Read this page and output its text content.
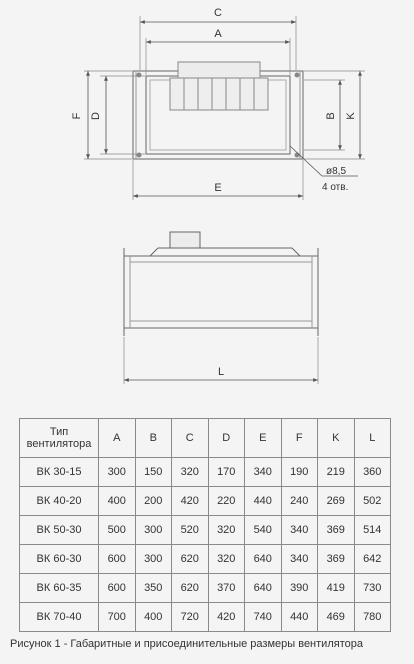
C
A
F D	B K
E
ø8,5
4 отв.
L
Тип
вентилятора	A	B	C	D	E	F	K	L
ВК 30-15	300	150	320	170	340	190	219	360
ВК 40-20	400	200	420	220	440	240	269	502
ВК 50-30	500	300	520	320	540	340	369	514
ВК 60-30	600	300	620	320	640	340	369	642
ВК 60-35	600	350	620	370	640	390	419	730
ВК 70-40	700	400	720	420	740	440	469	780
Рисунок 1 - Габаритные и присоединительные размеры вентилятора
